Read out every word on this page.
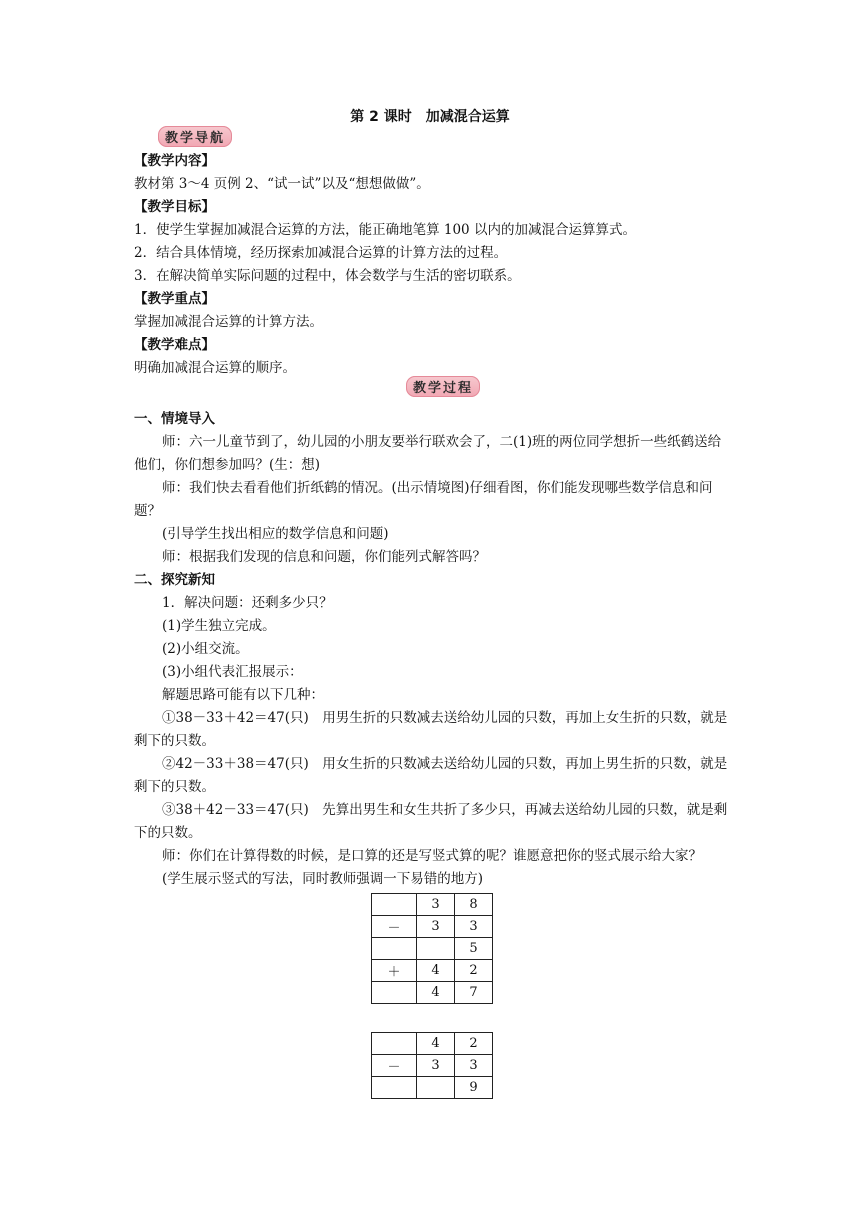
第 2 课时　加减混合运算
教学导航
教学过程

【教学内容】

教材第 3～4 页例 2、“试一试”以及“想想做做”。

【教学目标】

1．使学生掌握加减混合运算的方法，能正确地笔算 100 以内的加减混合运算算式。

2．结合具体情境，经历探索加减混合运算的计算方法的过程。

3．在解决简单实际问题的过程中，体会数学与生活的密切联系。

【教学重点】

掌握加减混合运算的计算方法。

【教学难点】

明确加减混合运算的顺序。

一、情境导入

师：六一儿童节到了，幼儿园的小朋友要举行联欢会了，二(1)班的两位同学想折一些纸鹤送给他们，你们想参加吗？(生：想)

师：我们快去看看他们折纸鹤的情况。(出示情境图)仔细看图，你们能发现哪些数学信息和问题？

(引导学生找出相应的数学信息和问题)

师：根据我们发现的信息和问题，你们能列式解答吗？

二、探究新知

1．解决问题：还剩多少只？

(1)学生独立完成。

(2)小组交流。

(3)小组代表汇报展示：

解题思路可能有以下几种：

①38－33＋42＝47(只)　用男生折的只数减去送给幼儿园的只数，再加上女生折的只数，就是剩下的只数。

②42－33＋38＝47(只)　用女生折的只数减去送给幼儿园的只数，再加上男生折的只数，就是剩下的只数。

③38＋42－33＝47(只)　先算出男生和女生共折了多少只，再减去送给幼儿园的只数，就是剩下的只数。

师：你们在计算得数的时候，是口算的还是写竖式算的呢？谁愿意把你的竖式展示给大家？

(学生展示竖式的写法，同时教师强调一下易错的地方)

	3	8
－	3	3
		5
＋	4	2
	4	7
	4	2
－	3	3
		9
